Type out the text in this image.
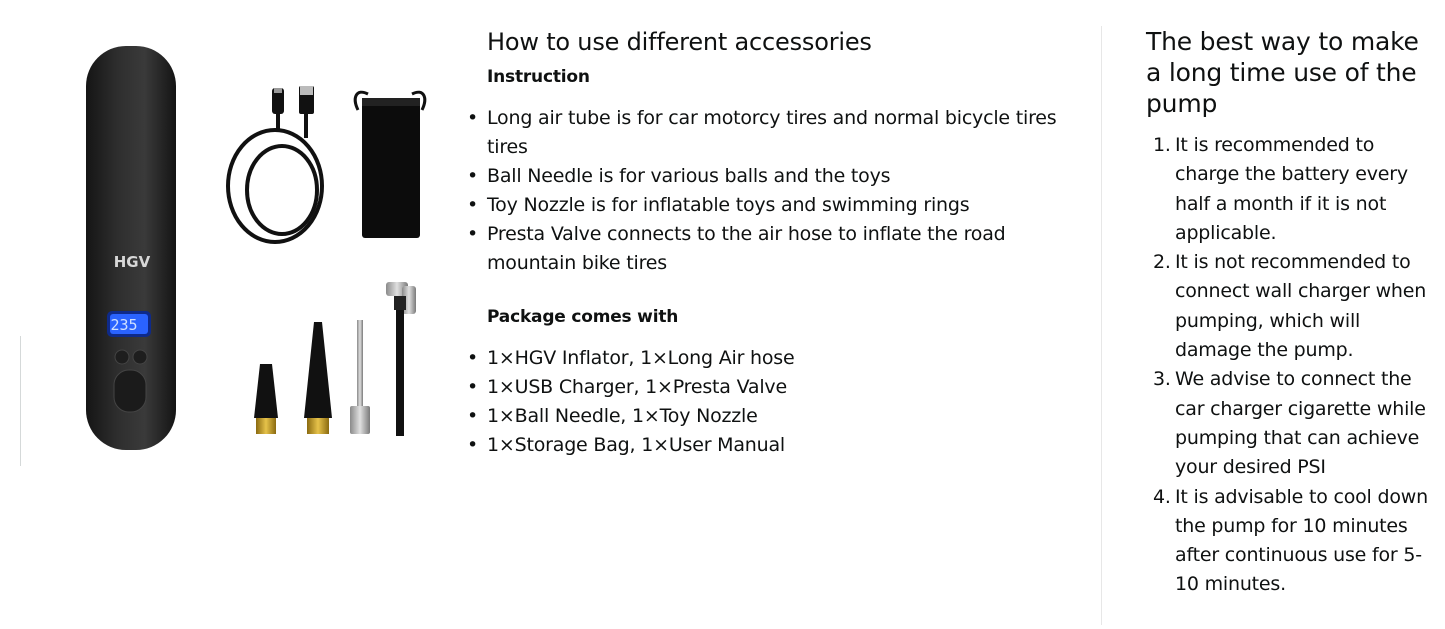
HGV
235
How to use different accessories
Instruction
• Long air tube is for car motorcy tires and normal bicycle tires tires
• Ball Needle is for various balls and the toys
• Toy Nozzle is for inflatable toys and swimming rings
• Presta Valve connects to the air hose to inflate the road mountain bike tires
Package comes with
• 1×HGV Inflator, 1×Long Air hose
• 1×USB Charger, 1×Presta Valve
• 1×Ball Needle, 1×Toy Nozzle
• 1×Storage Bag, 1×User Manual
The best way to make a long time use of the pump
1. It is recommended to charge the battery every half a month if it is not applicable.
2. It is not recommended to connect wall charger when pumping, which will damage the pump.
3. We advise to connect the car charger cigarette while pumping that can achieve your desired PSI
4. It is advisable to cool down the pump for 10 minutes after continuous use for 5-10 minutes.
